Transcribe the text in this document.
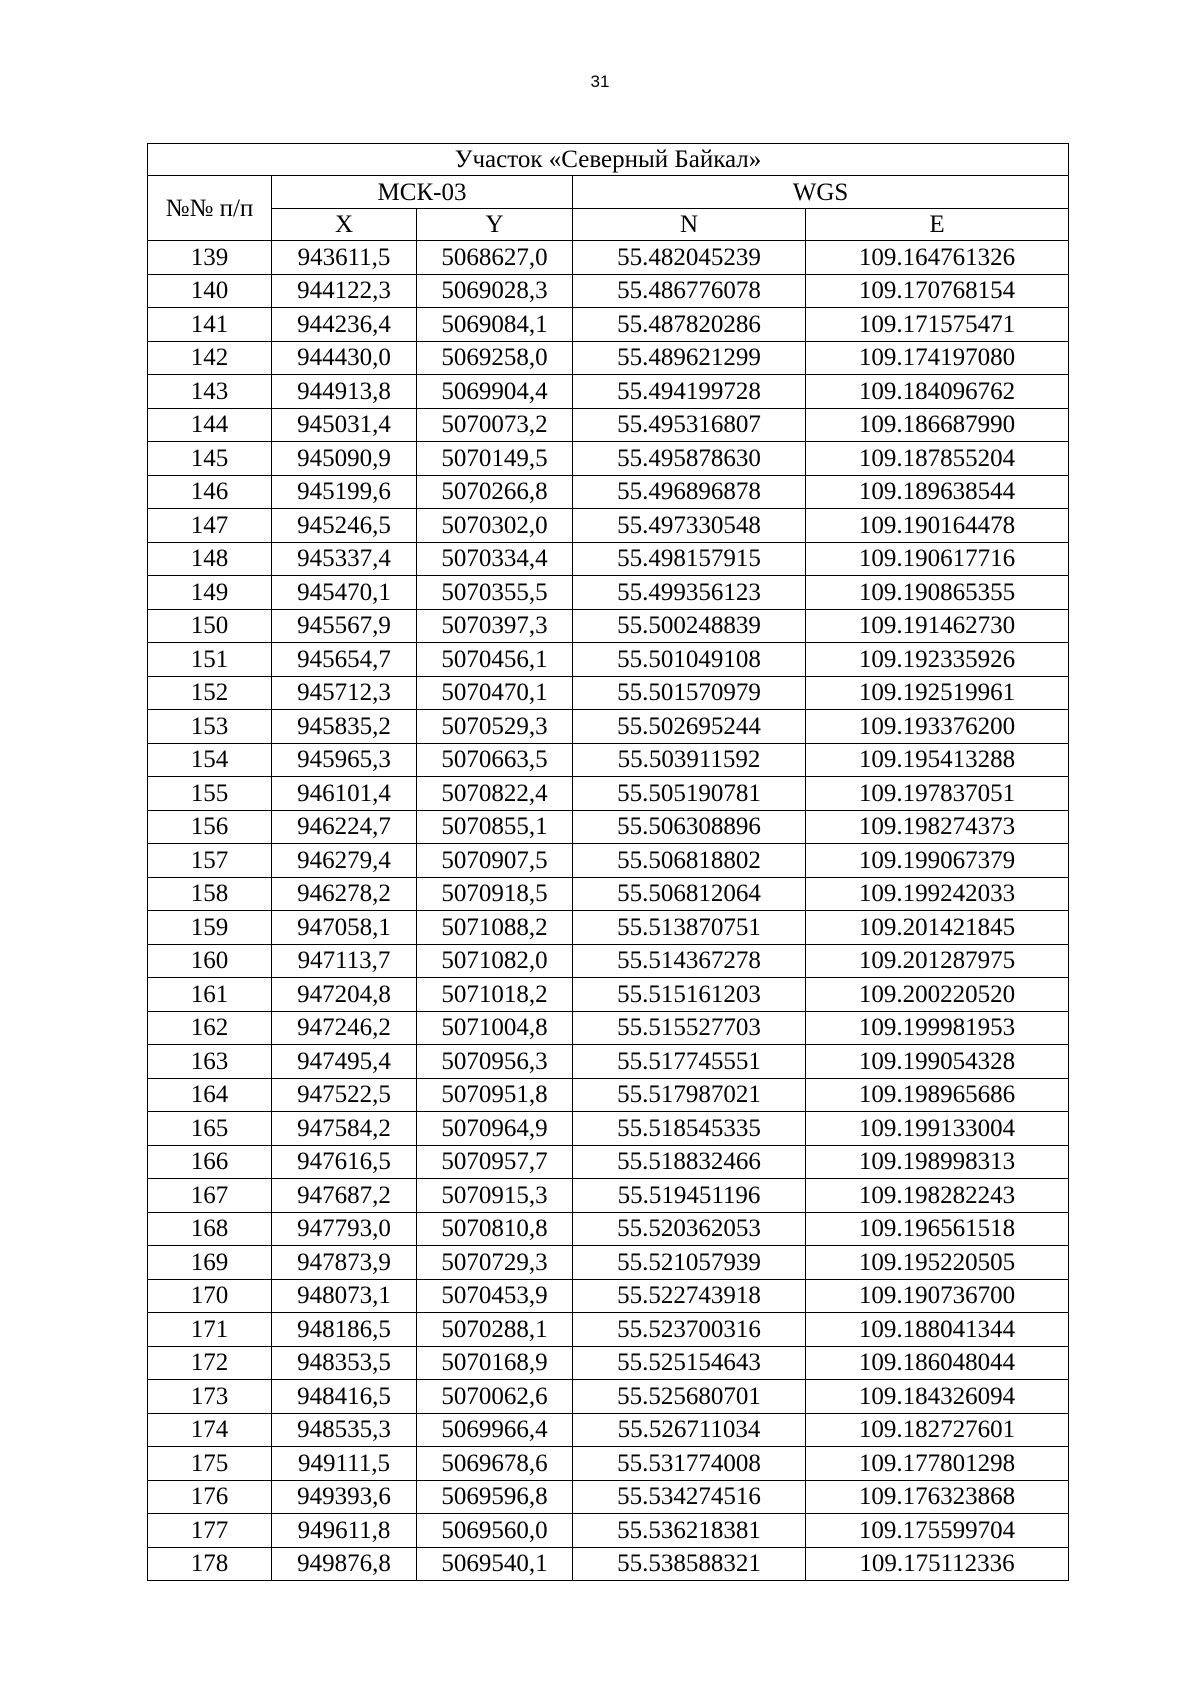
31
Участок «Северный Байкал»				
№№ п/п	МСК-03		WGS	
	X	Y	N	E
139	943611,5	5068627,0	55.482045239	109.164761326
140	944122,3	5069028,3	55.486776078	109.170768154
141	944236,4	5069084,1	55.487820286	109.171575471
142	944430,0	5069258,0	55.489621299	109.174197080
143	944913,8	5069904,4	55.494199728	109.184096762
144	945031,4	5070073,2	55.495316807	109.186687990
145	945090,9	5070149,5	55.495878630	109.187855204
146	945199,6	5070266,8	55.496896878	109.189638544
147	945246,5	5070302,0	55.497330548	109.190164478
148	945337,4	5070334,4	55.498157915	109.190617716
149	945470,1	5070355,5	55.499356123	109.190865355
150	945567,9	5070397,3	55.500248839	109.191462730
151	945654,7	5070456,1	55.501049108	109.192335926
152	945712,3	5070470,1	55.501570979	109.192519961
153	945835,2	5070529,3	55.502695244	109.193376200
154	945965,3	5070663,5	55.503911592	109.195413288
155	946101,4	5070822,4	55.505190781	109.197837051
156	946224,7	5070855,1	55.506308896	109.198274373
157	946279,4	5070907,5	55.506818802	109.199067379
158	946278,2	5070918,5	55.506812064	109.199242033
159	947058,1	5071088,2	55.513870751	109.201421845
160	947113,7	5071082,0	55.514367278	109.201287975
161	947204,8	5071018,2	55.515161203	109.200220520
162	947246,2	5071004,8	55.515527703	109.199981953
163	947495,4	5070956,3	55.517745551	109.199054328
164	947522,5	5070951,8	55.517987021	109.198965686
165	947584,2	5070964,9	55.518545335	109.199133004
166	947616,5	5070957,7	55.518832466	109.198998313
167	947687,2	5070915,3	55.519451196	109.198282243
168	947793,0	5070810,8	55.520362053	109.196561518
169	947873,9	5070729,3	55.521057939	109.195220505
170	948073,1	5070453,9	55.522743918	109.190736700
171	948186,5	5070288,1	55.523700316	109.188041344
172	948353,5	5070168,9	55.525154643	109.186048044
173	948416,5	5070062,6	55.525680701	109.184326094
174	948535,3	5069966,4	55.526711034	109.182727601
175	949111,5	5069678,6	55.531774008	109.177801298
176	949393,6	5069596,8	55.534274516	109.176323868
177	949611,8	5069560,0	55.536218381	109.175599704
178	949876,8	5069540,1	55.538588321	109.175112336
